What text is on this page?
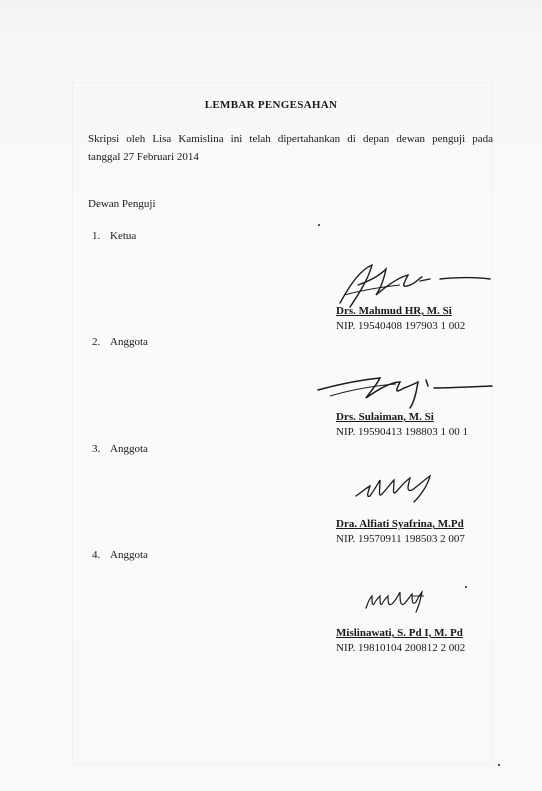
LEMBAR PENGESAHAN
Skripsi oleh Lisa Kamislina ini telah dipertahankan di depan dewan penguji pada
tanggal 27 Februari 2014
Dewan Penguji
1. Ketua
Drs. Mahmud HR, M. Si
NIP. 19540408 197903 1 002
2. Anggota
Drs. Sulaiman, M. Si
NIP. 19590413 198803 1 00 1
3. Anggota
Dra. Alfiati Syafrina, M.Pd
NIP. 19570911 198503 2 007
4. Anggota
Mislinawati, S. Pd I, M. Pd
NIP. 19810104 200812 2 002
